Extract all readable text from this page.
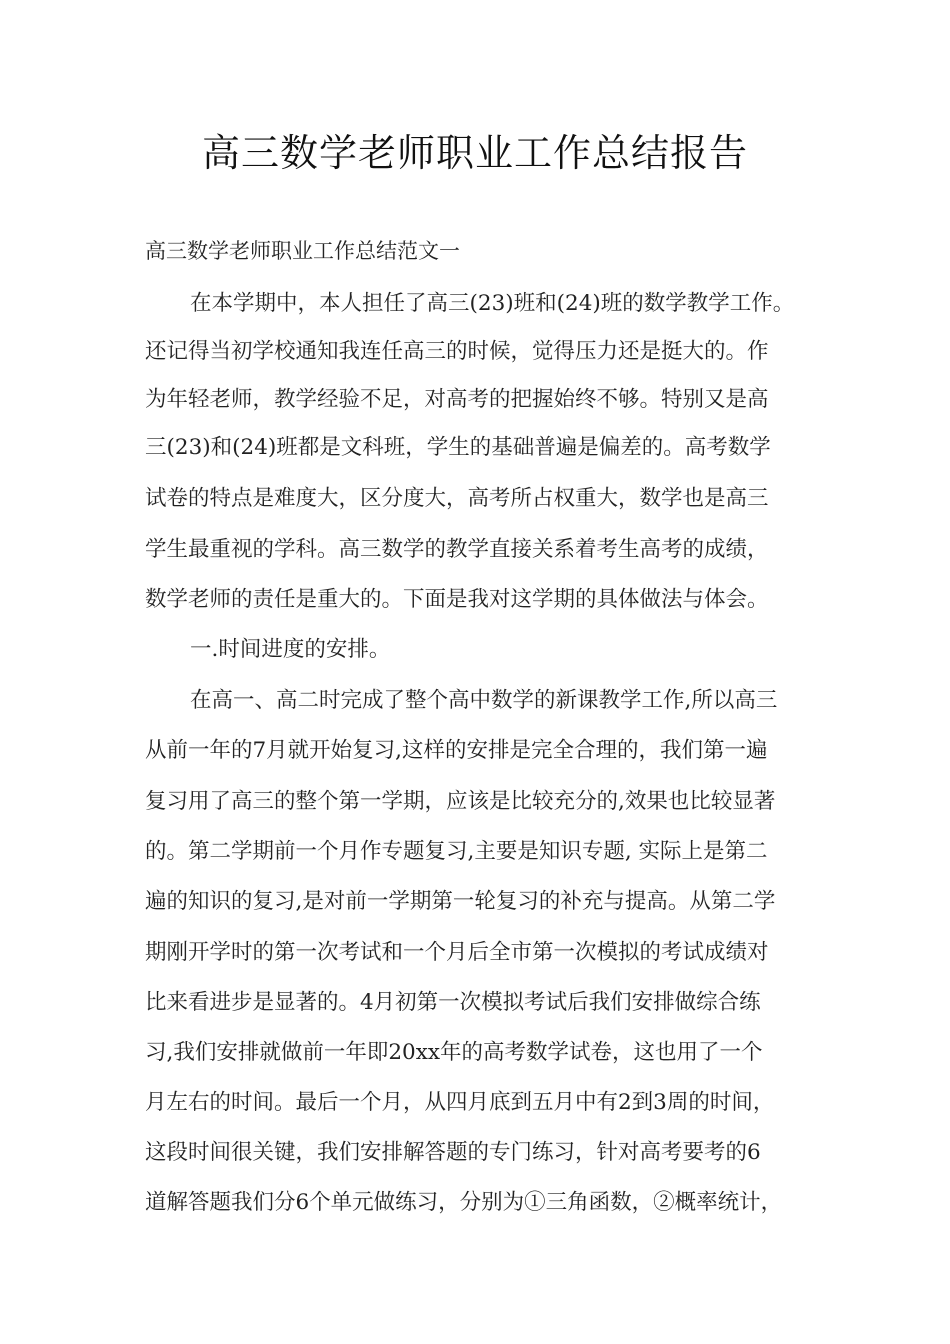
高三数学老师职业工作总结报告

高三数学老师职业工作总结范文一

在本学期中，本人担任了高三(23)班和(24)班的数学教学工作。

还记得当初学校通知我连任高三的时候，觉得压力还是挺大的。作

为年轻老师，教学经验不足，对高考的把握始终不够。特别又是高

三(23)和(24)班都是文科班，学生的基础普遍是偏差的。高考数学

试卷的特点是难度大，区分度大，高考所占权重大，数学也是高三

学生最重视的学科。高三数学的教学直接关系着考生高考的成绩，

数学老师的责任是重大的。下面是我对这学期的具体做法与体会。

一.时间进度的安排。

在高一、高二时完成了整个高中数学的新课教学工作,所以高三

从前一年的7月就开始复习,这样的安排是完全合理的，我们第一遍

复习用了高三的整个第一学期，应该是比较充分的,效果也比较显著

的。第二学期前一个月作专题复习,主要是知识专题, 实际上是第二

遍的知识的复习,是对前一学期第一轮复习的补充与提高。从第二学

期刚开学时的第一次考试和一个月后全市第一次模拟的考试成绩对

比来看进步是显著的。4月初第一次模拟考试后我们安排做综合练

习,我们安排就做前一年即20xx年的高考数学试卷，这也用了一个

月左右的时间。最后一个月，从四月底到五月中有2到3周的时间，

这段时间很关键，我们安排解答题的专门练习，针对高考要考的6

道解答题我们分6个单元做练习，分别为①三角函数，②概率统计，
